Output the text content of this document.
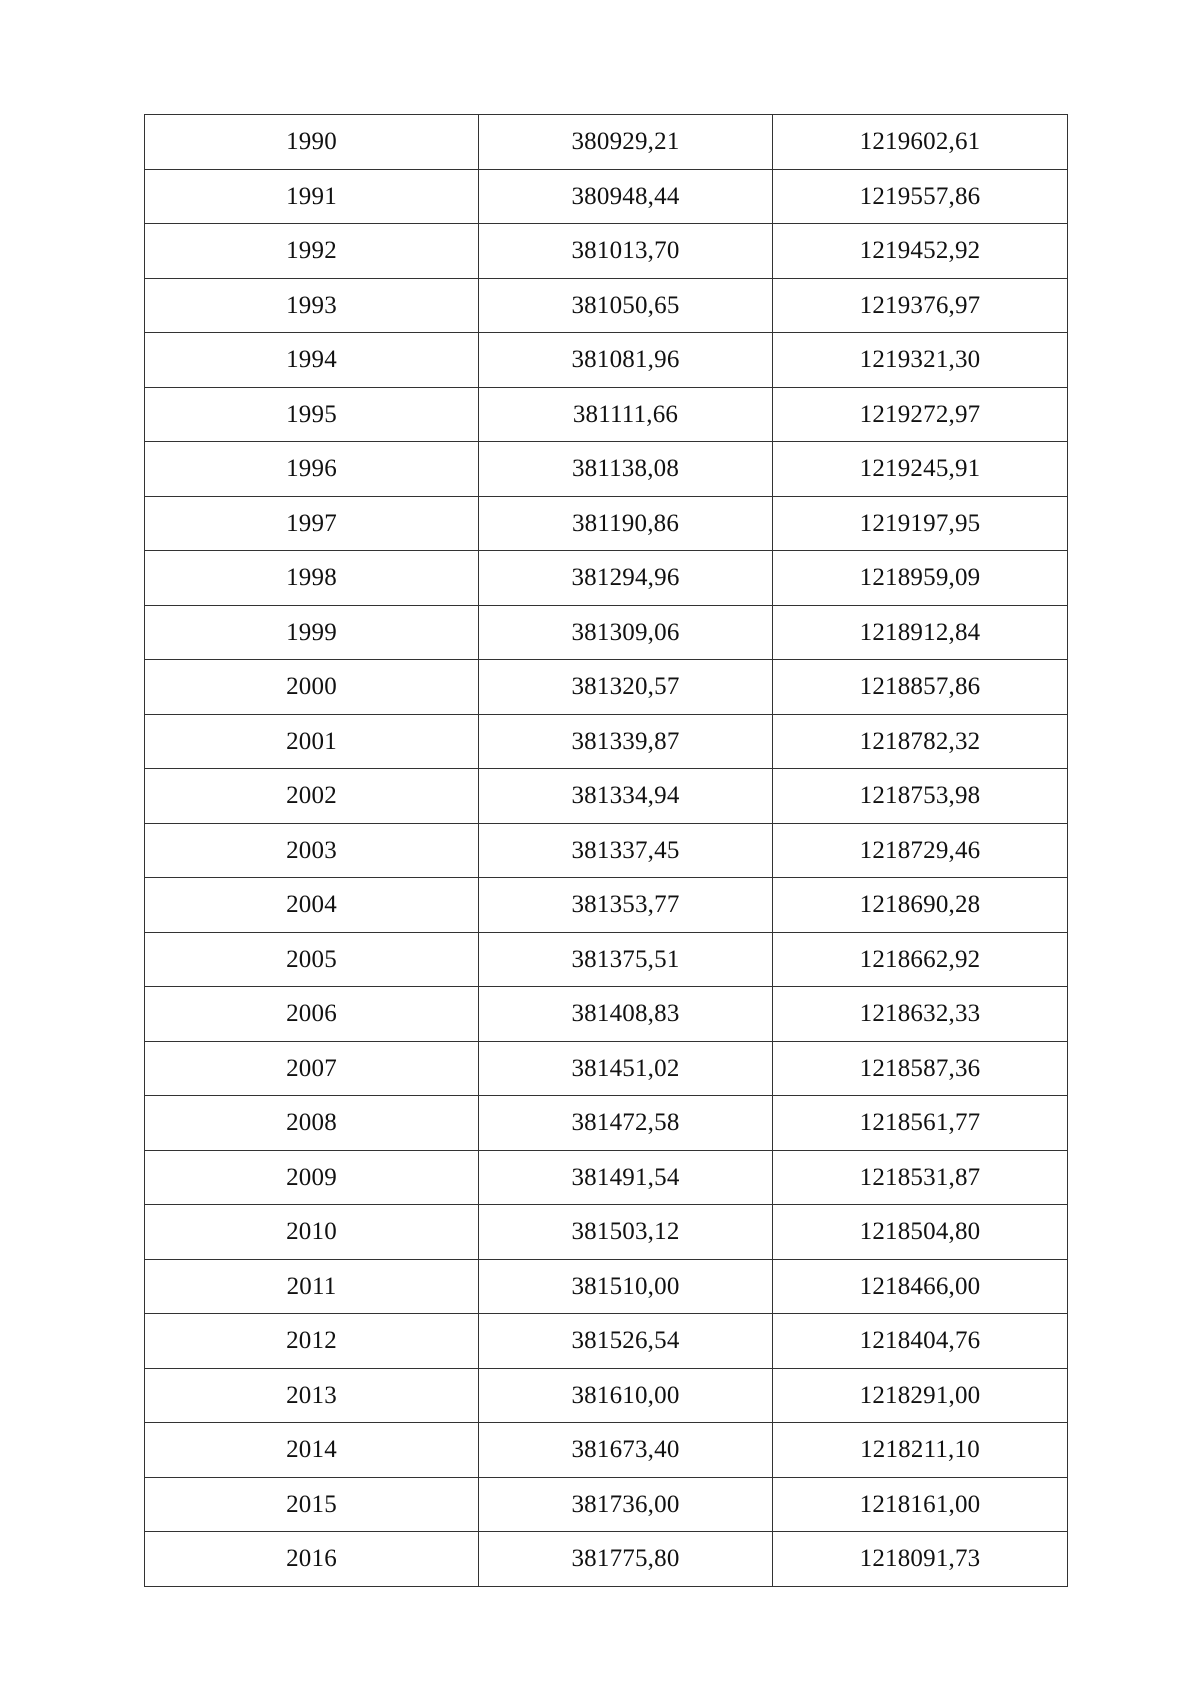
1990	380929,21	1219602,61
1991	380948,44	1219557,86
1992	381013,70	1219452,92
1993	381050,65	1219376,97
1994	381081,96	1219321,30
1995	381111,66	1219272,97
1996	381138,08	1219245,91
1997	381190,86	1219197,95
1998	381294,96	1218959,09
1999	381309,06	1218912,84
2000	381320,57	1218857,86
2001	381339,87	1218782,32
2002	381334,94	1218753,98
2003	381337,45	1218729,46
2004	381353,77	1218690,28
2005	381375,51	1218662,92
2006	381408,83	1218632,33
2007	381451,02	1218587,36
2008	381472,58	1218561,77
2009	381491,54	1218531,87
2010	381503,12	1218504,80
2011	381510,00	1218466,00
2012	381526,54	1218404,76
2013	381610,00	1218291,00
2014	381673,40	1218211,10
2015	381736,00	1218161,00
2016	381775,80	1218091,73
